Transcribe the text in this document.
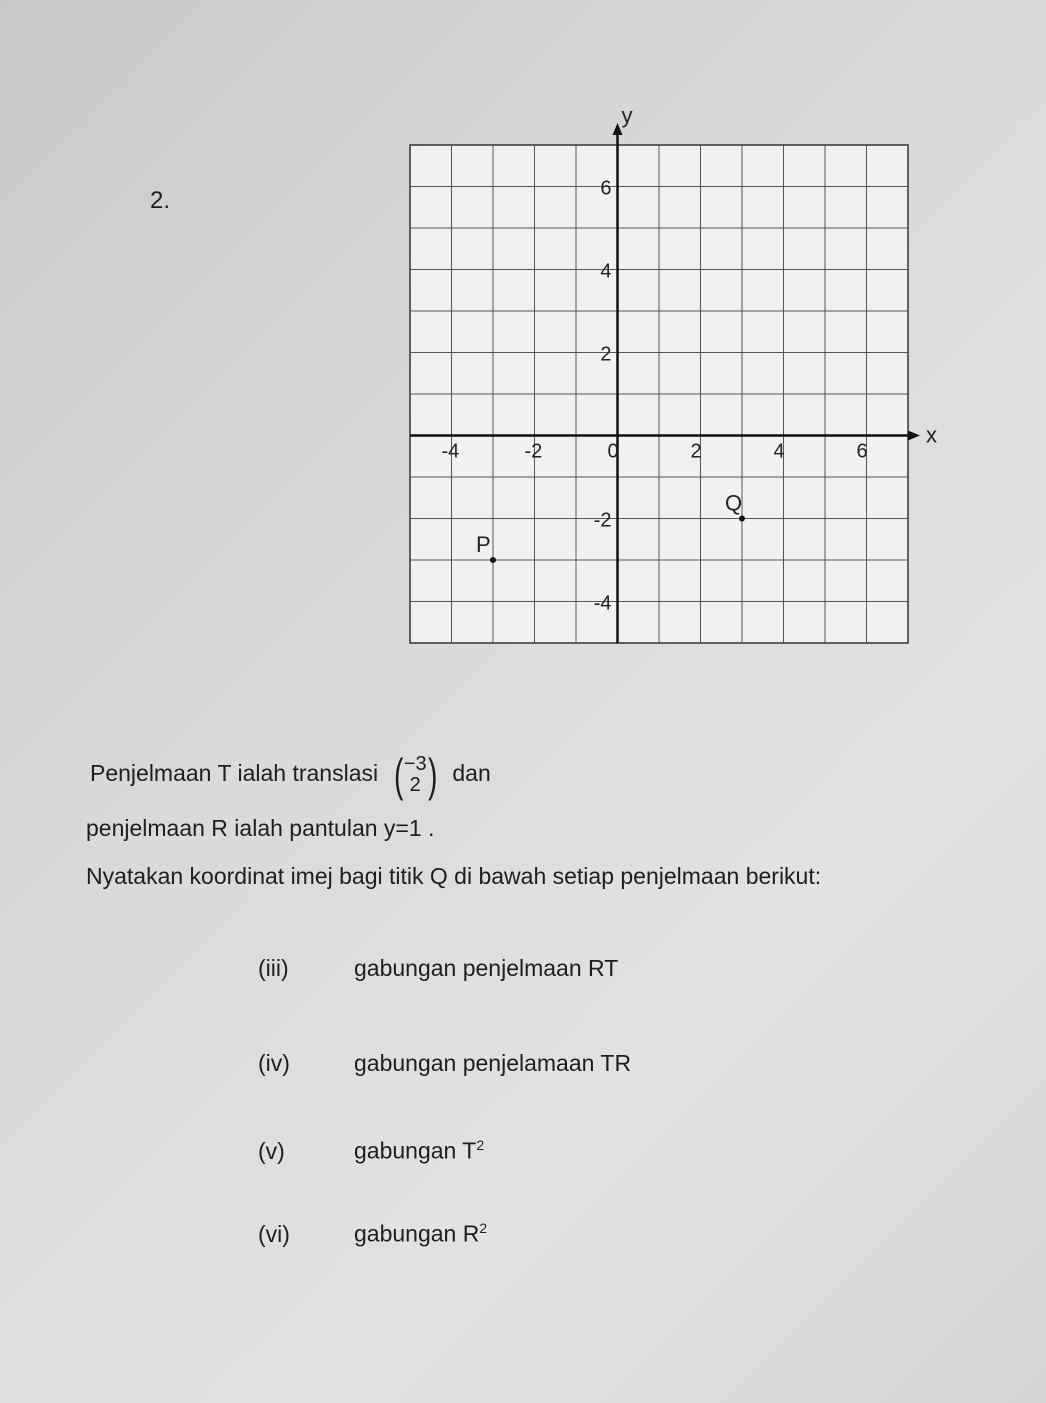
2.
y
x
-4	-2	0	2	4	6
6
4
2
-2
-4
P
Q
Penjelmaan T ialah translasi ( −3
2 ) dan
penjelmaan R ialah pantulan y=1 .
Nyatakan koordinat imej bagi titik Q di bawah setiap penjelmaan berikut:
(iii)	gabungan penjelmaan RT
(iv)	gabungan penjelamaan TR
(v)	gabungan $T^2$
(vi)	gabungan $R^2$
